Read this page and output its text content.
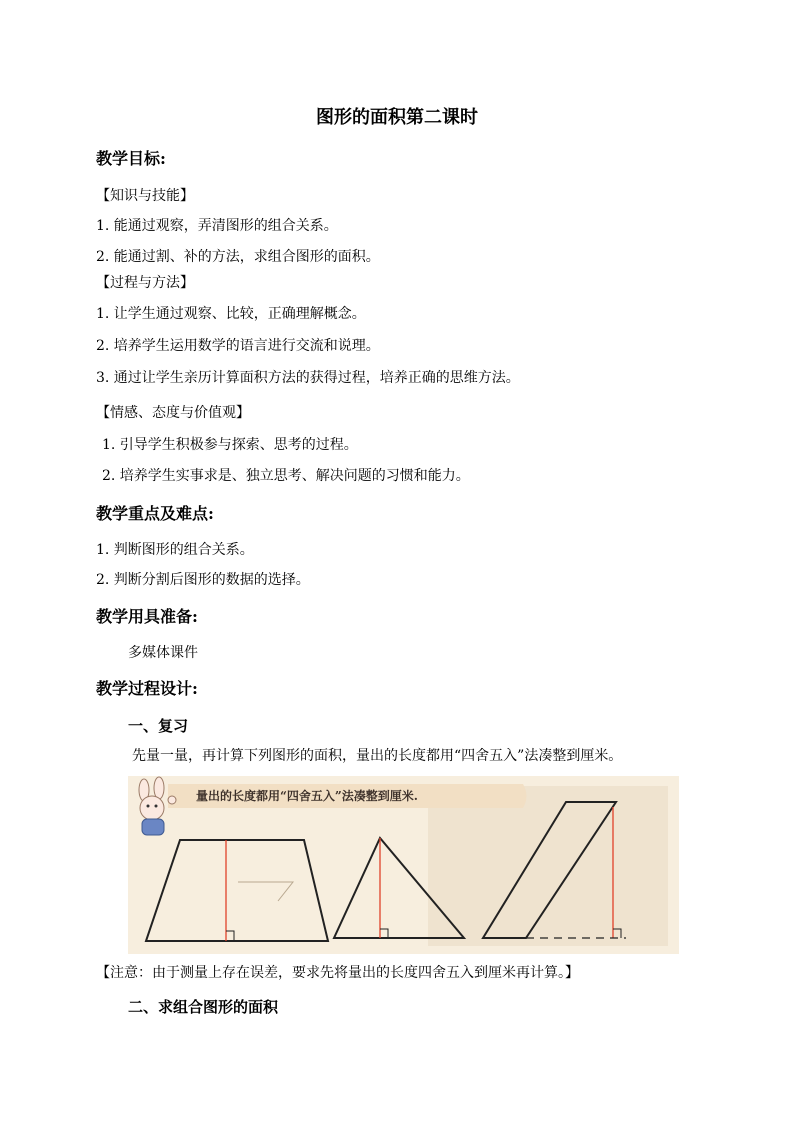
图形的面积第二课时
教学目标:
【知识与技能】
1. 能通过观察，弄清图形的组合关系。
2. 能通过割、补的方法，求组合图形的面积。
【过程与方法】
1. 让学生通过观察、比较，正确理解概念。
2. 培养学生运用数学的语言进行交流和说理。
3. 通过让学生亲历计算面积方法的获得过程，培养正确的思维方法。
【情感、态度与价值观】
1. 引导学生积极参与探索、思考的过程。
2. 培养学生实事求是、独立思考、解决问题的习惯和能力。
教学重点及难点:
1. 判断图形的组合关系。
2. 判断分割后图形的数据的选择。
教学用具准备:
多媒体课件
教学过程设计:
一、复习
先量一量，再计算下列图形的面积，量出的长度都用“四舍五入”法凑整到厘米。
量出的长度都用“四舍五入”法凑整到厘米.
【注意：由于测量上存在误差，要求先将量出的长度四舍五入到厘米再计算。】
二、求组合图形的面积
